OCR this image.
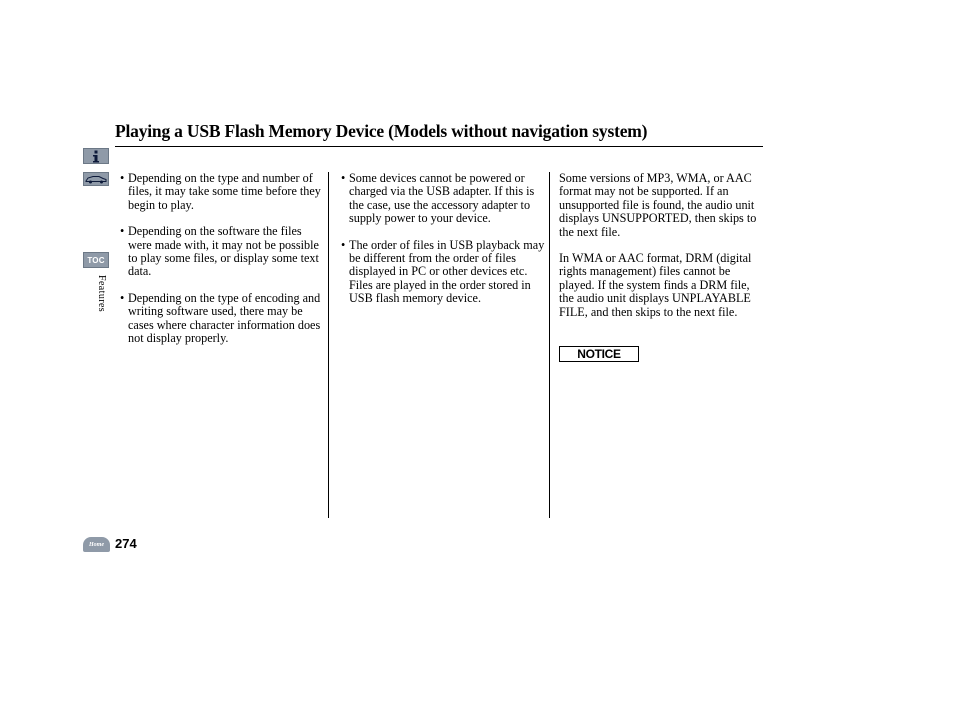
Playing a USB Flash Memory Device (Models without navigation system)
TOC
Features
• Depending on the type and number of files, it may take some time before they begin to play.
• Depending on the software the files were made with, it may not be possible to play some files, or display some text data.
• Depending on the type of encoding and writing software used, there may be cases where character information does not display properly.
• Some devices cannot be powered or charged via the USB adapter. If this is the case, use the accessory adapter to supply power to your device.
• The order of files in USB playback may be different from the order of files displayed in PC or other devices etc. Files are played in the order stored in USB flash memory device.

Some versions of MP3, WMA, or AAC format may not be supported. If an unsupported file is found, the audio unit displays UNSUPPORTED, then skips to the next file.

In WMA or AAC format, DRM (digital rights management) files cannot be played. If the system finds a DRM file, the audio unit displays UNPLAYABLE FILE, and then skips to the next file.

NOTICE
Home 274
